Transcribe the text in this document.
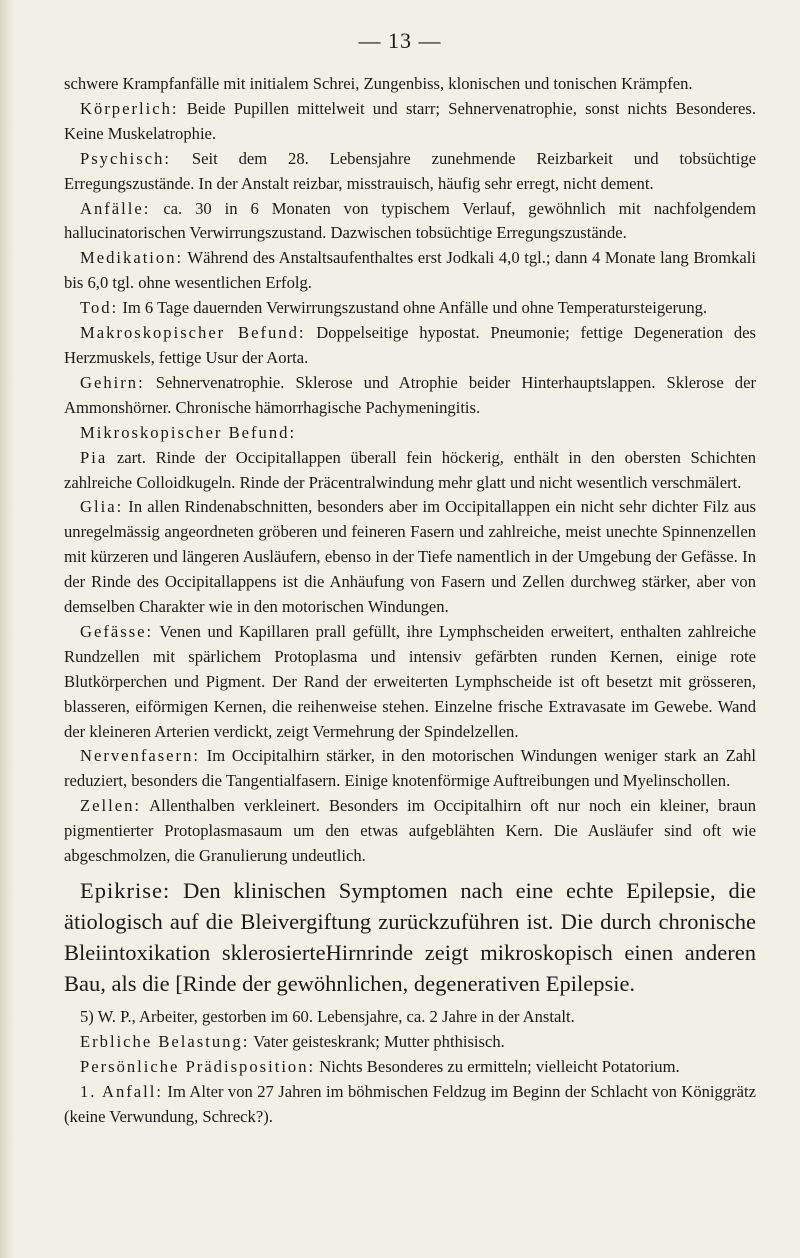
— 13 —

schwere Krampfanfälle mit initialem Schrei, Zungenbiss, klonischen und tonischen Krämpfen.

Körperlich: Beide Pupillen mittelweit und starr; Sehnervenatrophie, sonst nichts Besonderes. Keine Muskelatrophie.

Psychisch: Seit dem 28. Lebensjahre zunehmende Reizbarkeit und tobsüchtige Erregungszustände. In der Anstalt reizbar, misstrauisch, häufig sehr erregt, nicht dement.

Anfälle: ca. 30 in 6 Monaten von typischem Verlauf, gewöhnlich mit nachfolgendem hallucinatorischen Verwirrungszustand. Dazwischen tobsüchtige Erregungszustände.

Medikation: Während des Anstaltsaufenthaltes erst Jodkali 4,0 tgl.; dann 4 Monate lang Bromkali bis 6,0 tgl. ohne wesentlichen Erfolg.

Tod: Im 6 Tage dauernden Verwirrungszustand ohne Anfälle und ohne Temperatursteigerung.

Makroskopischer Befund: Doppelseitige hypostat. Pneumonie; fettige Degeneration des Herzmuskels, fettige Usur der Aorta.

Gehirn: Sehnervenatrophie. Sklerose und Atrophie beider Hinterhauptslappen. Sklerose der Ammonshörner. Chronische hämorrhagische Pachymeningitis.

Mikroskopischer Befund:

Pia zart. Rinde der Occipitallappen überall fein höckerig, enthält in den obersten Schichten zahlreiche Colloidkugeln. Rinde der Präcentralwindung mehr glatt und nicht wesentlich verschmälert.

Glia: In allen Rindenabschnitten, besonders aber im Occipitallappen ein nicht sehr dichter Filz aus unregelmässig angeordneten gröberen und feineren Fasern und zahlreiche, meist unechte Spinnenzellen mit kürzeren und längeren Ausläufern, ebenso in der Tiefe namentlich in der Umgebung der Gefässe. In der Rinde des Occipitallappens ist die Anhäufung von Fasern und Zellen durchweg stärker, aber von demselben Charakter wie in den motorischen Windungen.

Gefässe: Venen und Kapillaren prall gefüllt, ihre Lymphscheiden erweitert, enthalten zahlreiche Rundzellen mit spärlichem Protoplasma und intensiv gefärbten runden Kernen, einige rote Blutkörperchen und Pigment. Der Rand der erweiterten Lymphscheide ist oft besetzt mit grösseren, blasseren, eiförmigen Kernen, die reihenweise stehen. Einzelne frische Extravasate im Gewebe. Wand der kleineren Arterien verdickt, zeigt Vermehrung der Spindelzellen.

Nervenfasern: Im Occipitalhirn stärker, in den motorischen Windungen weniger stark an Zahl reduziert, besonders die Tangentialfasern. Einige knotenförmige Auftreibungen und Myelinschollen.

Zellen: Allenthalben verkleinert. Besonders im Occipitalhirn oft nur noch ein kleiner, braun pigmentierter Protoplasmasaum um den etwas aufgeblähten Kern. Die Ausläufer sind oft wie abgeschmolzen, die Granulierung undeutlich.

Epikrise: Den klinischen Symptomen nach eine echte Epilepsie, die ätiologisch auf die Bleivergiftung zurückzuführen ist. Die durch chronische Bleiintoxikation sklerosierteHirnrinde zeigt mikroskopisch einen anderen Bau, als die [Rinde der gewöhnlichen, degenerativen Epilepsie.

5) W. P., Arbeiter, gestorben im 60. Lebensjahre, ca. 2 Jahre in der Anstalt.

Erbliche Belastung: Vater geisteskrank; Mutter phthisisch.

Persönliche Prädisposition: Nichts Besonderes zu ermitteln; vielleicht Potatorium.

1. Anfall: Im Alter von 27 Jahren im böhmischen Feldzug im Beginn der Schlacht von Königgrätz (keine Verwundung, Schreck?).
